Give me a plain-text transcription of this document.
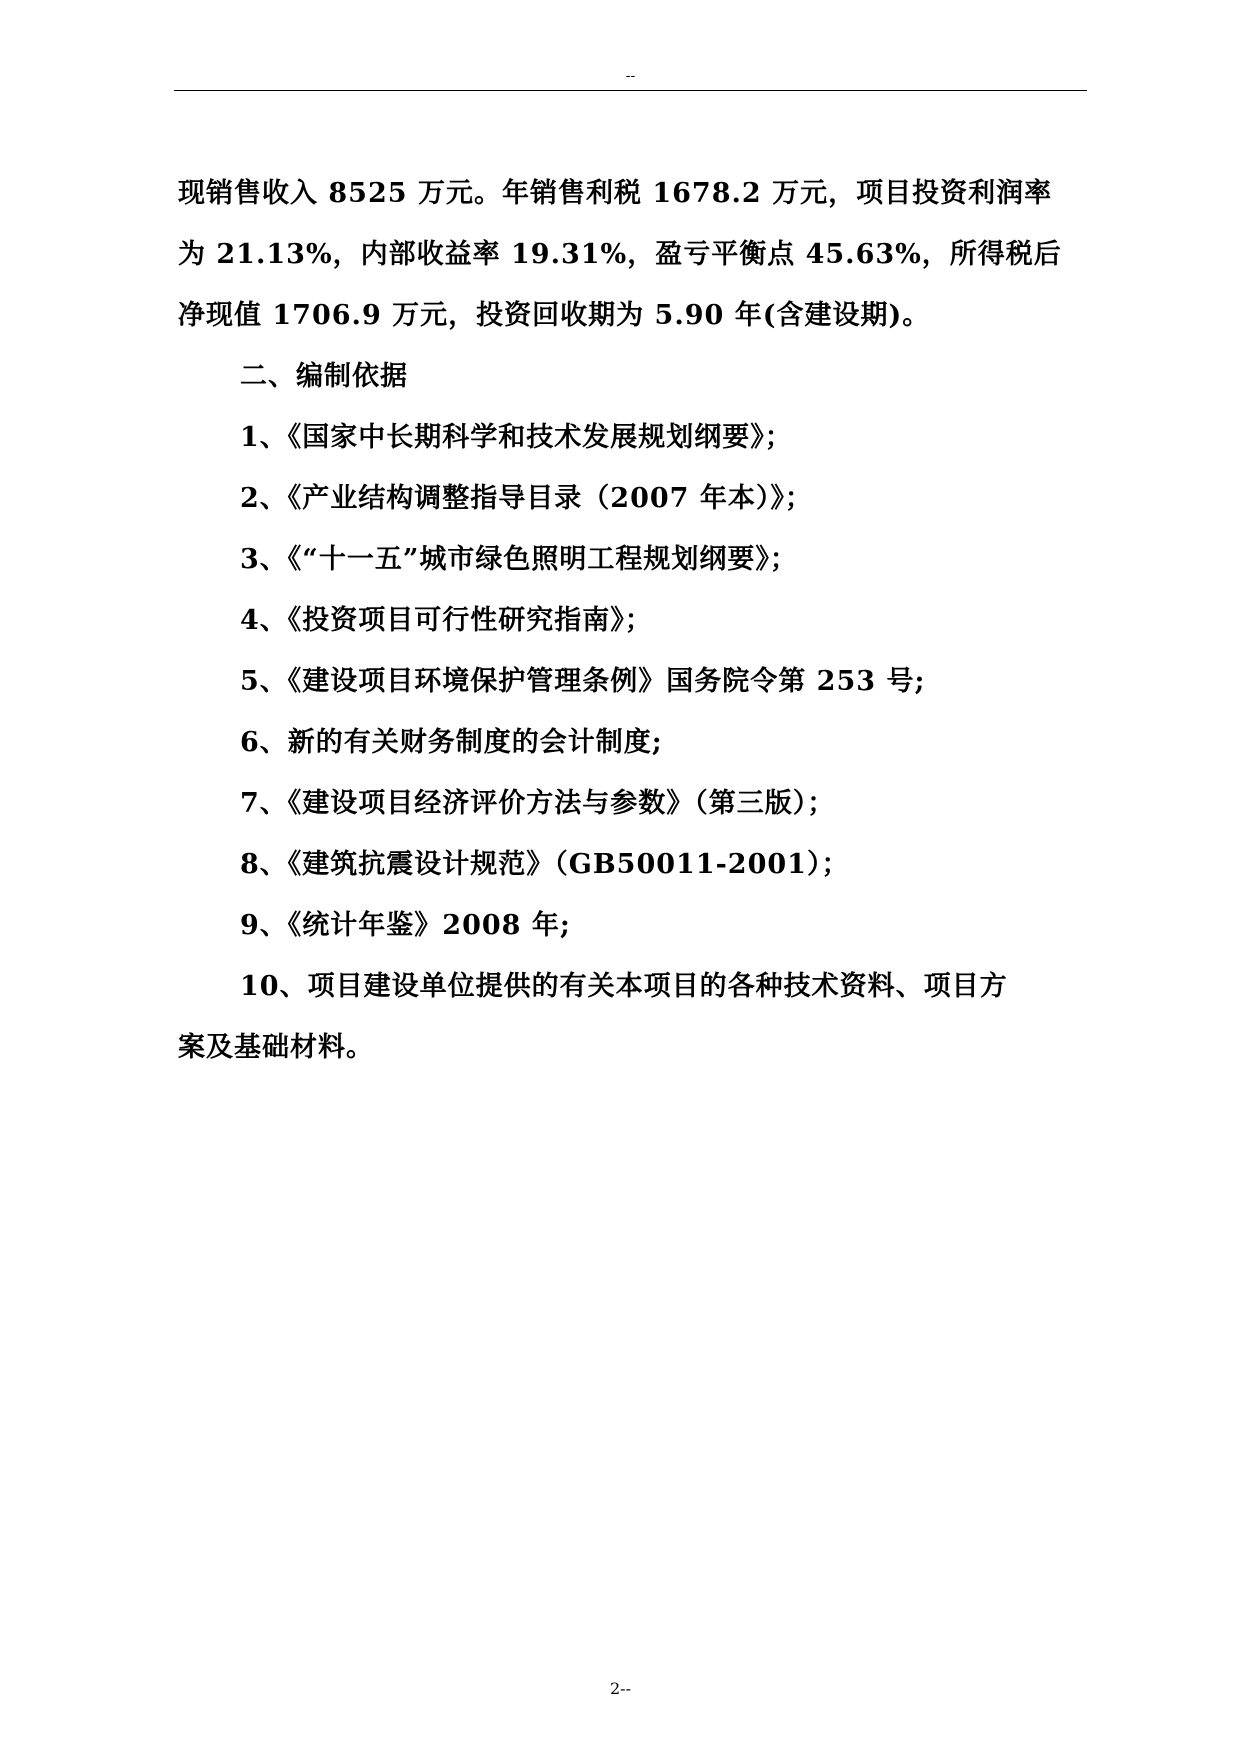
--

现销售收入 8525 万元。年销售利税 1678.2 万元，项目投资利润率

为 21.13%，内部收益率 19.31%，盈亏平衡点 45.63%，所得税后

净现值 1706.9 万元，投资回收期为 5.90 年(含建设期)。

二、编制依据

1、《国家中长期科学和技术发展规划纲要》；

2、《产业结构调整指导目录（2007 年本）》；

3、《“十一五”城市绿色照明工程规划纲要》；

4、《投资项目可行性研究指南》；

5、《建设项目环境保护管理条例》国务院令第 253 号;

6、新的有关财务制度的会计制度;

7、《建设项目经济评价方法与参数》（第三版）；

8、《建筑抗震设计规范》（GB50011-2001）；

9、《统计年鉴》2008 年;

10、项目建设单位提供的有关本项目的各种技术资料、项目方

案及基础材料。

2--
